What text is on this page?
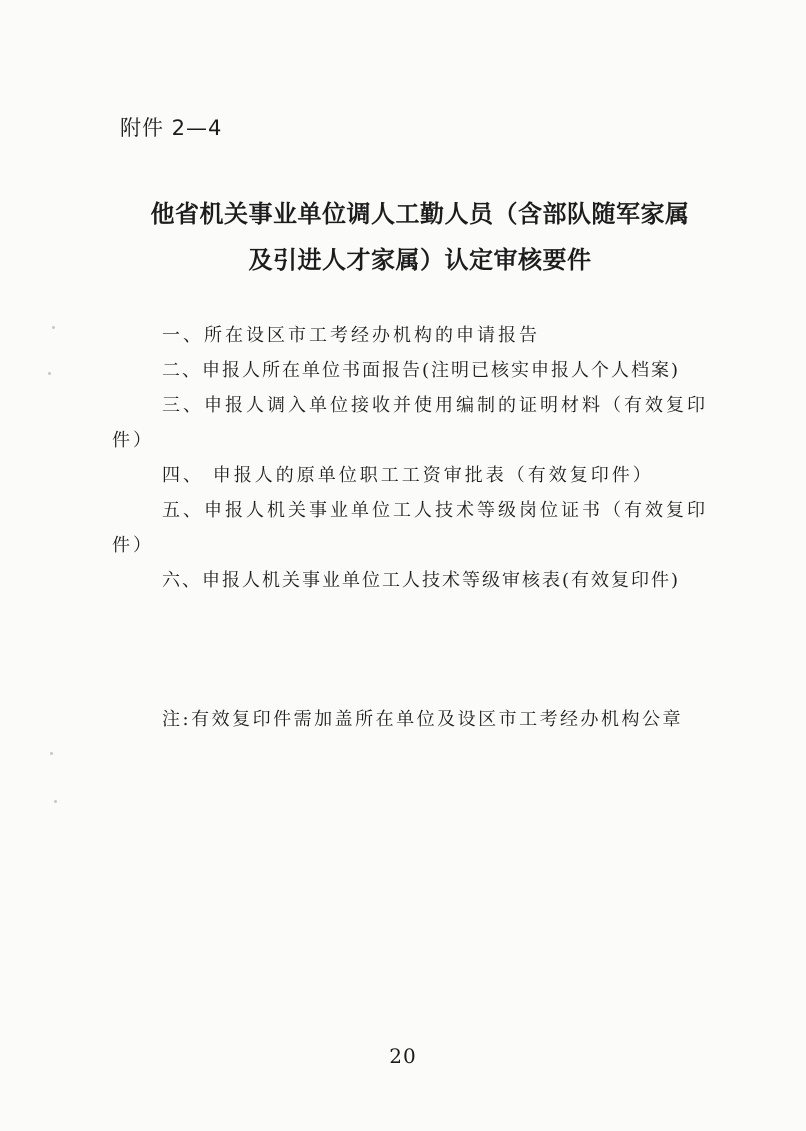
附件 2—4
他省机关事业单位调人工勤人员（含部队随军家属
及引进人才家属）认定审核要件
一、所在设区市工考经办机构的申请报告
二、申报人所在单位书面报告(注明已核实申报人个人档案)
三、申报人调入单位接收并使用编制的证明材料（有效复印件）
四、 申报人的原单位职工工资审批表（有效复印件）
五、申报人机关事业单位工人技术等级岗位证书（有效复印件）
六、申报人机关事业单位工人技术等级审核表(有效复印件)
注:有效复印件需加盖所在单位及设区市工考经办机构公章
20
